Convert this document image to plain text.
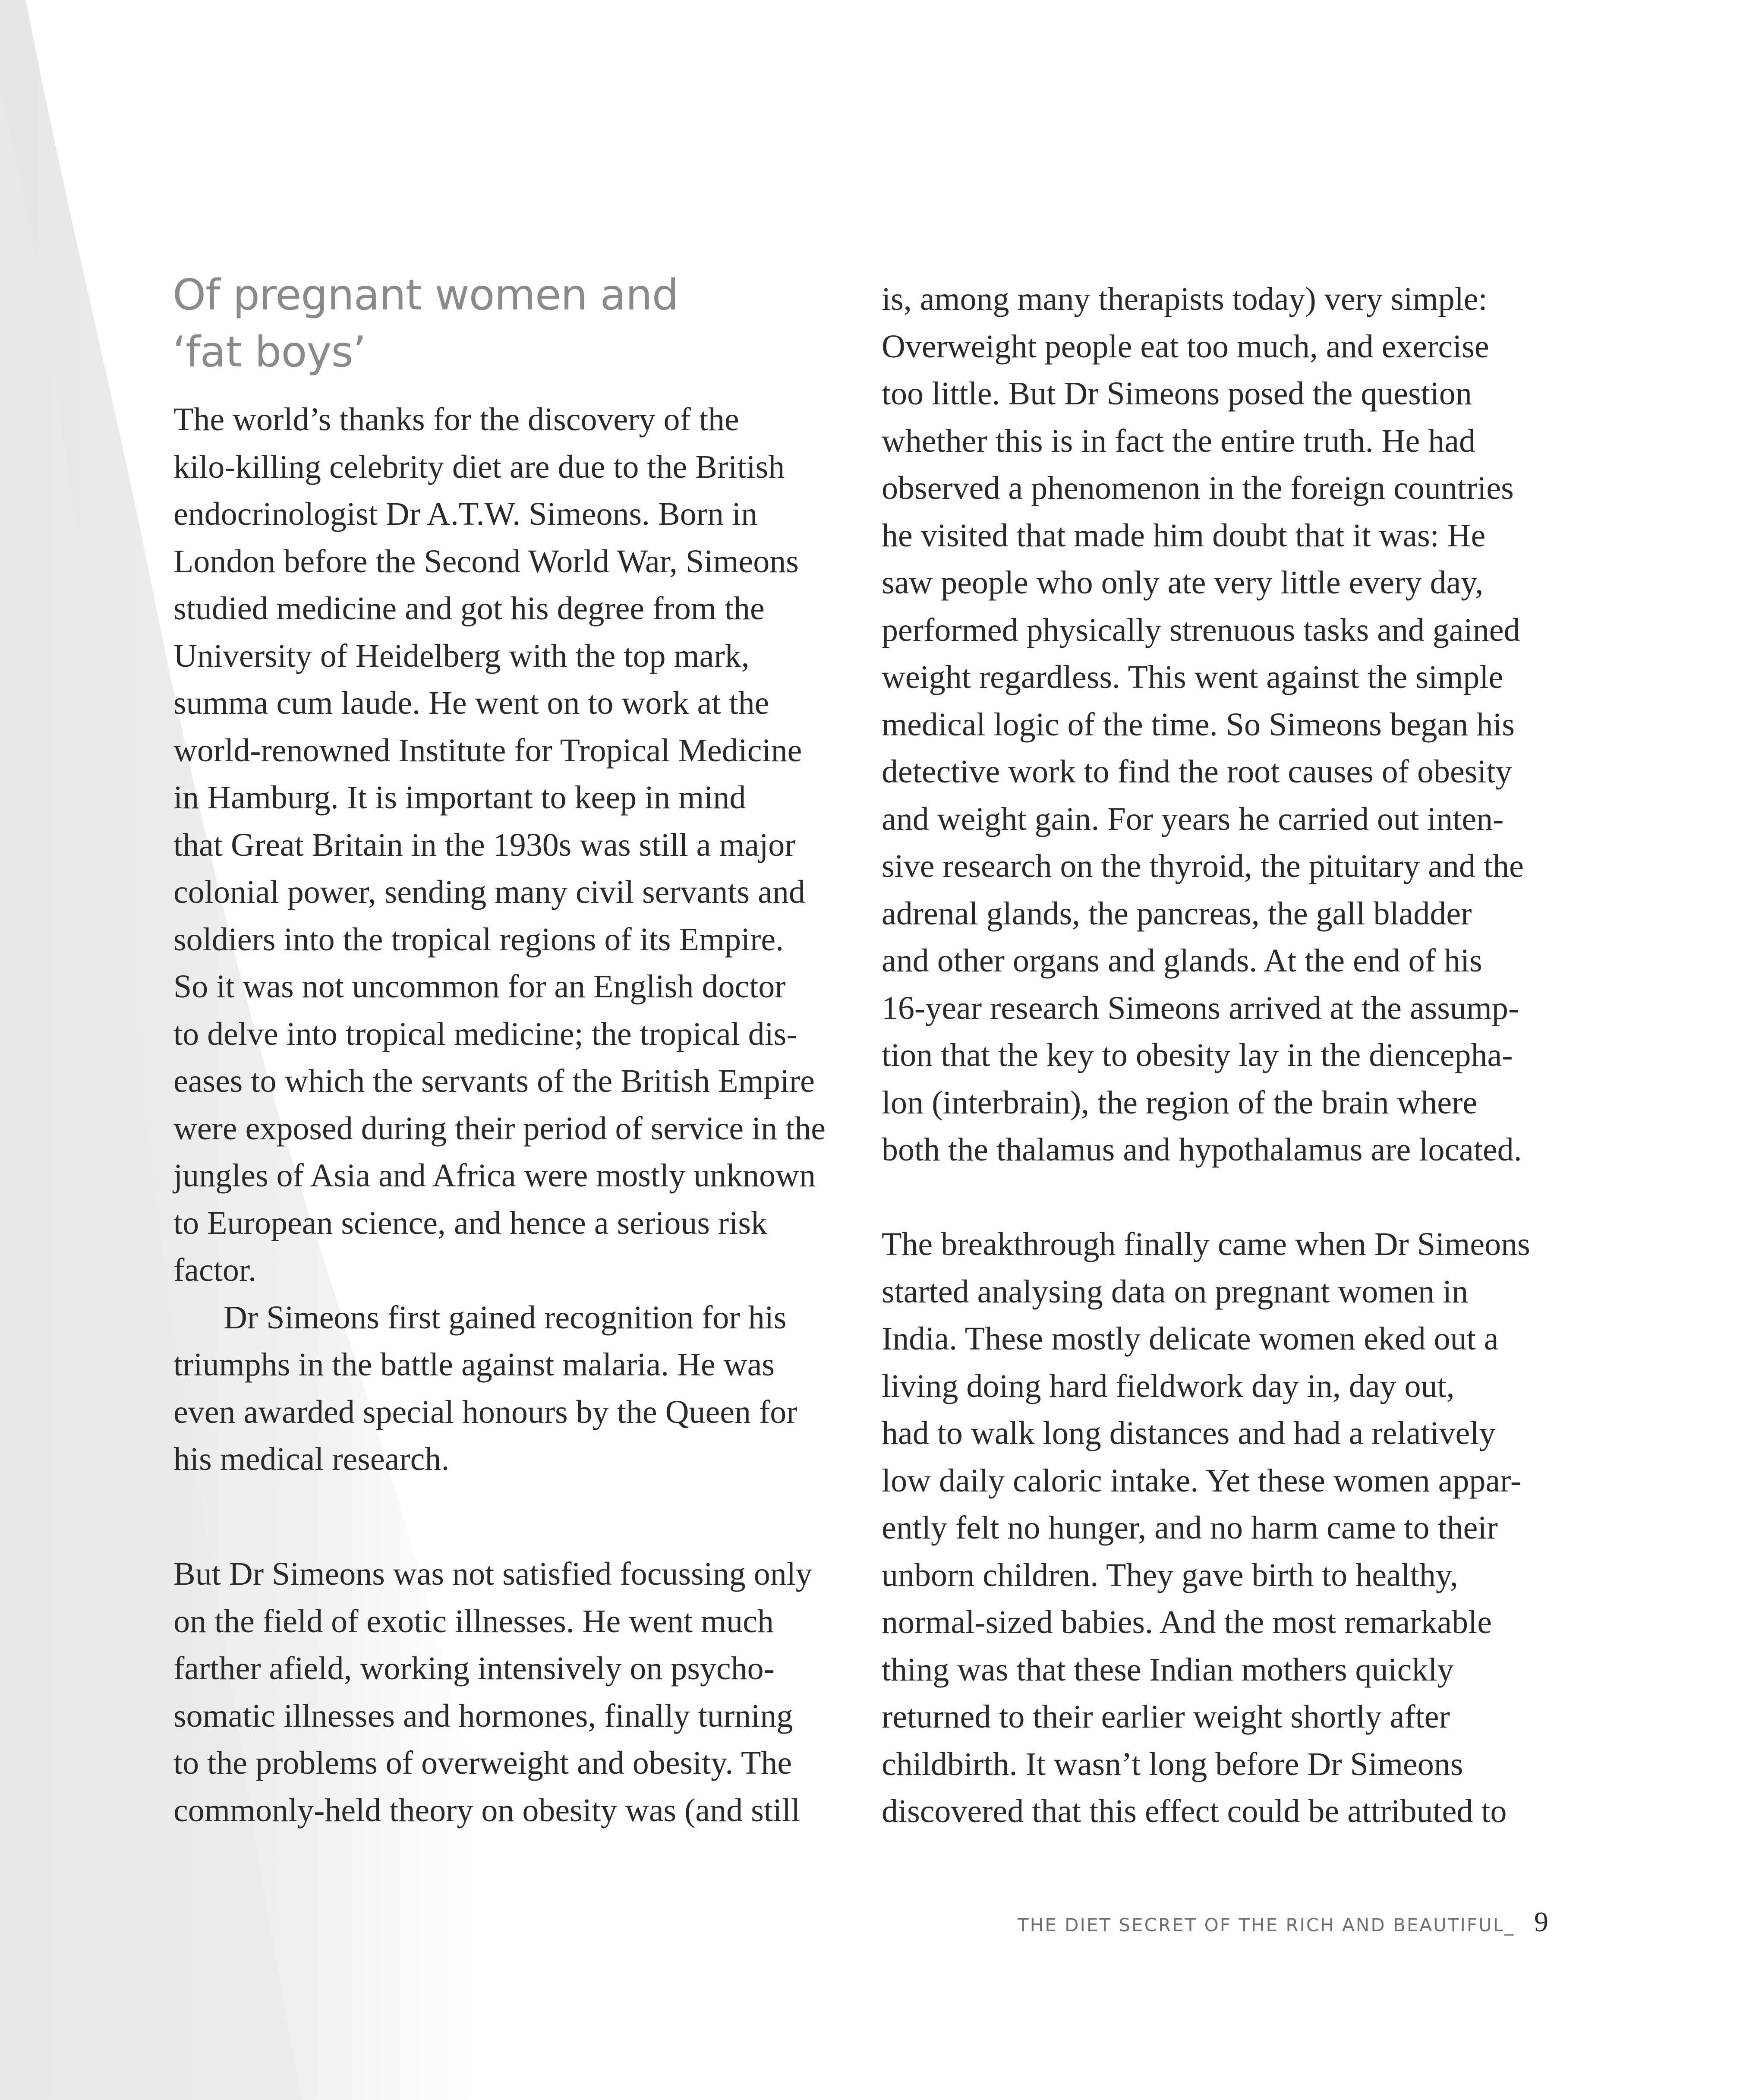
Of pregnant women and
‘fat boys’
The world’s thanks for the discovery of the
kilo-killing celebrity diet are due to the British
endocrinologist Dr A.T.W. Simeons. Born in
London before the Second World War, Simeons
studied medicine and got his degree from the
University of Heidelberg with the top mark,
summa cum laude. He went on to work at the
world-renowned Institute for Tropical Medicine
in Hamburg. It is important to keep in mind
that Great Britain in the 1930s was still a major
colonial power, sending many civil servants and
soldiers into the tropical regions of its Empire.
So it was not uncommon for an English doctor
to delve into tropical medicine; the tropical dis-
eases to which the servants of the British Empire
were exposed during their period of service in the
jungles of Asia and Africa were mostly unknown
to European science, and hence a serious risk
factor.
Dr Simeons first gained recognition for his
triumphs in the battle against malaria. He was
even awarded special honours by the Queen for
his medical research.
But Dr Simeons was not satisfied focussing only
on the field of exotic illnesses. He went much
farther afield, working intensively on psycho-
somatic illnesses and hormones, finally turning
to the problems of overweight and obesity. The
commonly-held theory on obesity was (and still
is, among many therapists today) very simple:
Overweight people eat too much, and exercise
too little. But Dr Simeons posed the question
whether this is in fact the entire truth. He had
observed a phenomenon in the foreign countries
he visited that made him doubt that it was: He
saw people who only ate very little every day,
performed physically strenuous tasks and gained
weight regardless. This went against the simple
medical logic of the time. So Simeons began his
detective work to find the root causes of obesity
and weight gain. For years he carried out inten-
sive research on the thyroid, the pituitary and the
adrenal glands, the pancreas, the gall bladder
and other organs and glands. At the end of his
16-year research Simeons arrived at the assump-
tion that the key to obesity lay in the diencepha-
lon (interbrain), the region of the brain where
both the thalamus and hypothalamus are located.
The breakthrough finally came when Dr Simeons
started analysing data on pregnant women in
India. These mostly delicate women eked out a
living doing hard fieldwork day in, day out,
had to walk long distances and had a relatively
low daily caloric intake. Yet these women appar-
ently felt no hunger, and no harm came to their
unborn children. They gave birth to healthy,
normal-sized babies. And the most remarkable
thing was that these Indian mothers quickly
returned to their earlier weight shortly after
childbirth. It wasn’t long before Dr Simeons
discovered that this effect could be attributed to
THE DIET SECRET OF THE RICH AND BEAUTIFUL_ 9
